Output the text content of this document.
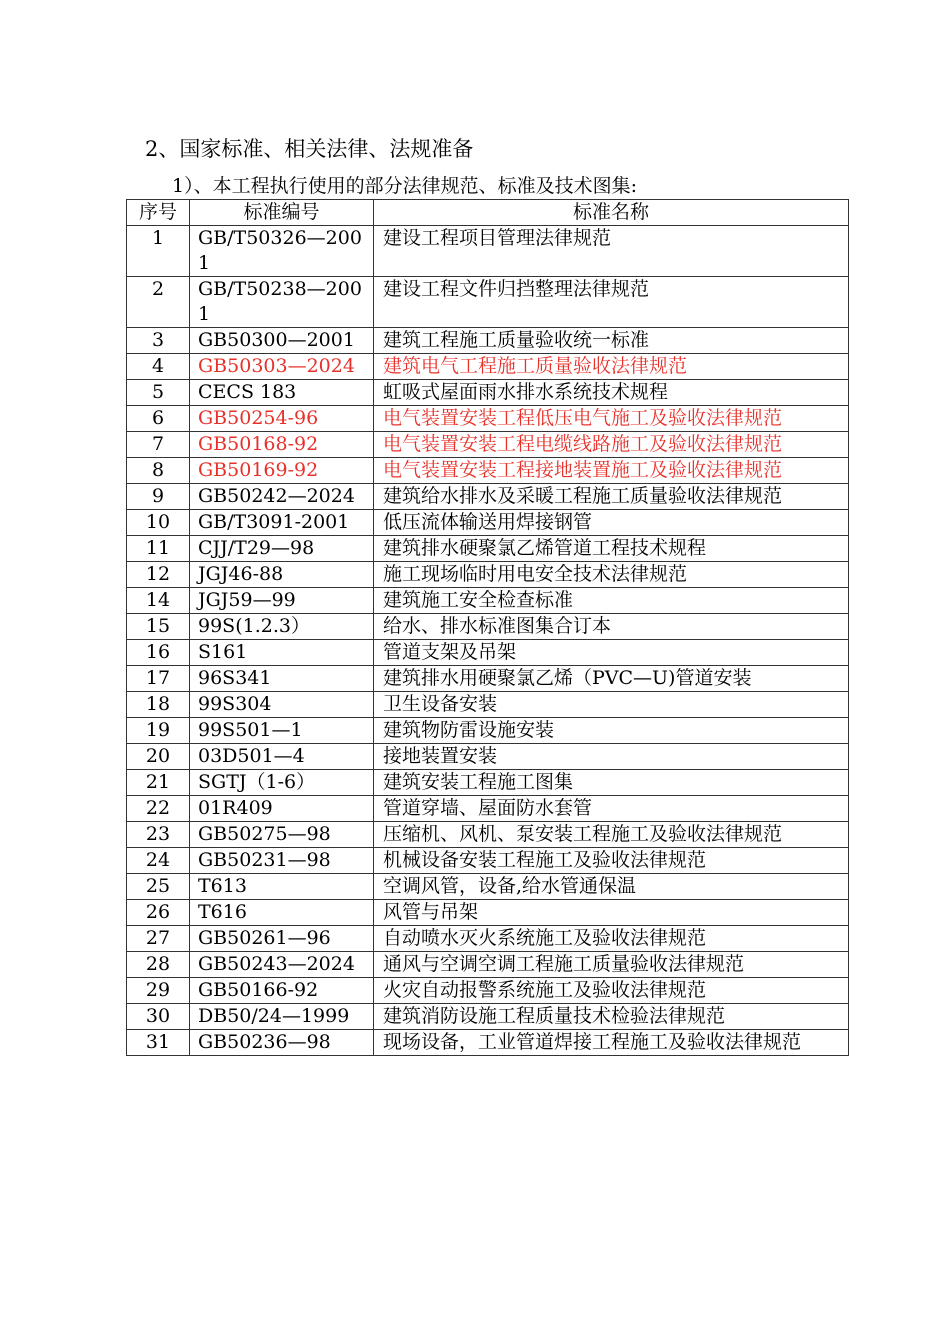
2、国家标准、相关法律、法规准备
1）、本工程执行使用的部分法律规范、标准及技术图集:
序号	标准编号	标准名称
1	GB/T50326—2001	建设工程项目管理法律规范
2	GB/T50238—2001	建设工程文件归挡整理法律规范
3	GB50300—2001	建筑工程施工质量验收统一标准
4	GB50303—2024	建筑电气工程施工质量验收法律规范
5	CECS 183	虹吸式屋面雨水排水系统技术规程
6	GB50254-96	电气装置安装工程低压电气施工及验收法律规范
7	GB50168-92	电气装置安装工程电缆线路施工及验收法律规范
8	GB50169-92	电气装置安装工程接地装置施工及验收法律规范
9	GB50242—2024	建筑给水排水及采暖工程施工质量验收法律规范
10	GB/T3091-2001	低压流体输送用焊接钢管
11	CJJ/T29—98	建筑排水硬聚氯乙烯管道工程技术规程
12	JGJ46-88	施工现场临时用电安全技术法律规范
14	JGJ59—99	建筑施工安全检查标准
15	99S(1.2.3）	给水、排水标准图集合订本
16	S161	管道支架及吊架
17	96S341	建筑排水用硬聚氯乙烯（PVC—U)管道安装
18	99S304	卫生设备安装
19	99S501—1	建筑物防雷设施安装
20	03D501—4	接地装置安装
21	SGTJ（1-6）	建筑安装工程施工图集
22	01R409	管道穿墙、屋面防水套管
23	GB50275—98	压缩机、风机、泵安装工程施工及验收法律规范
24	GB50231—98	机械设备安装工程施工及验收法律规范
25	T613	空调风管，设备,给水管通保温
26	T616	风管与吊架
27	GB50261—96	自动喷水灭火系统施工及验收法律规范
28	GB50243—2024	通风与空调空调工程施工质量验收法律规范
29	GB50166-92	火灾自动报警系统施工及验收法律规范
30	DB50/24—1999	建筑消防设施工程质量技术检验法律规范
31	GB50236—98	现场设备，工业管道焊接工程施工及验收法律规范
